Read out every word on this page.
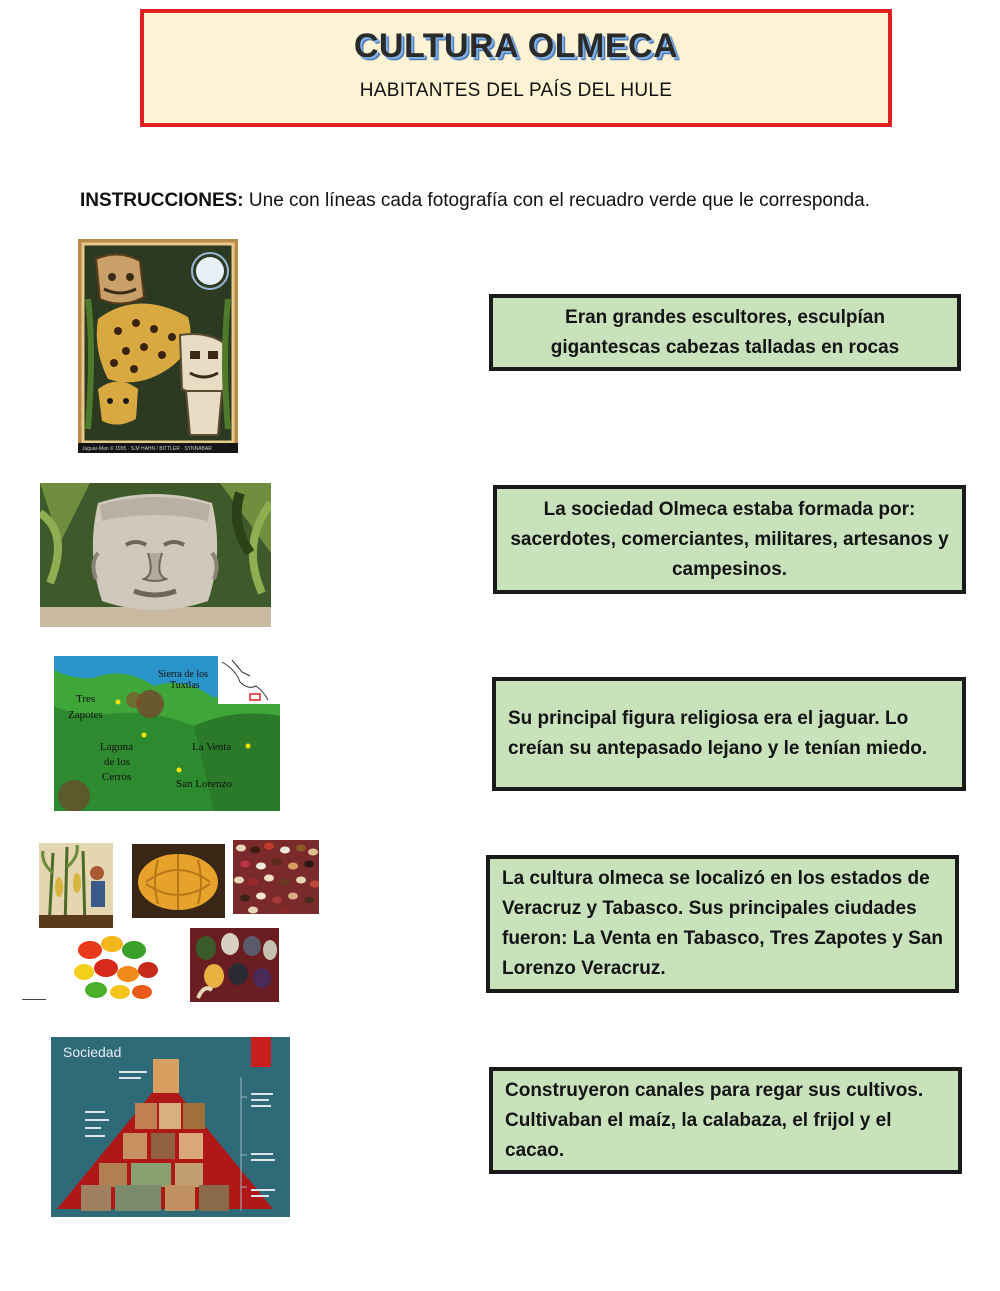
CULTURA OLMECA
HABITANTES DEL PAÍS DEL HULE
INSTRUCCIONES: Une con líneas cada fotografía con el recuadro verde que le corresponda.
Jaguar-Man © 1995 · S.M HAHN / BITTLER · SYNNABAR
Sierra de los
Tuxtlas
Tres
Zapotes
Laguna
de los
Cerros
La Venta
San Lorenzo
Sociedad
Eran grandes escultores, esculpían gigantescas cabezas talladas en rocas
La sociedad Olmeca estaba formada por: sacerdotes, comerciantes, militares, artesanos y campesinos.
Su principal figura religiosa era el jaguar. Lo creían su antepasado lejano y le tenían miedo.
La cultura olmeca se localizó en los estados de Veracruz y Tabasco. Sus principales ciudades fueron: La Venta en Tabasco, Tres Zapotes y San Lorenzo Veracruz.
Construyeron canales para regar sus cultivos. Cultivaban el maíz, la calabaza, el frijol y el cacao.
